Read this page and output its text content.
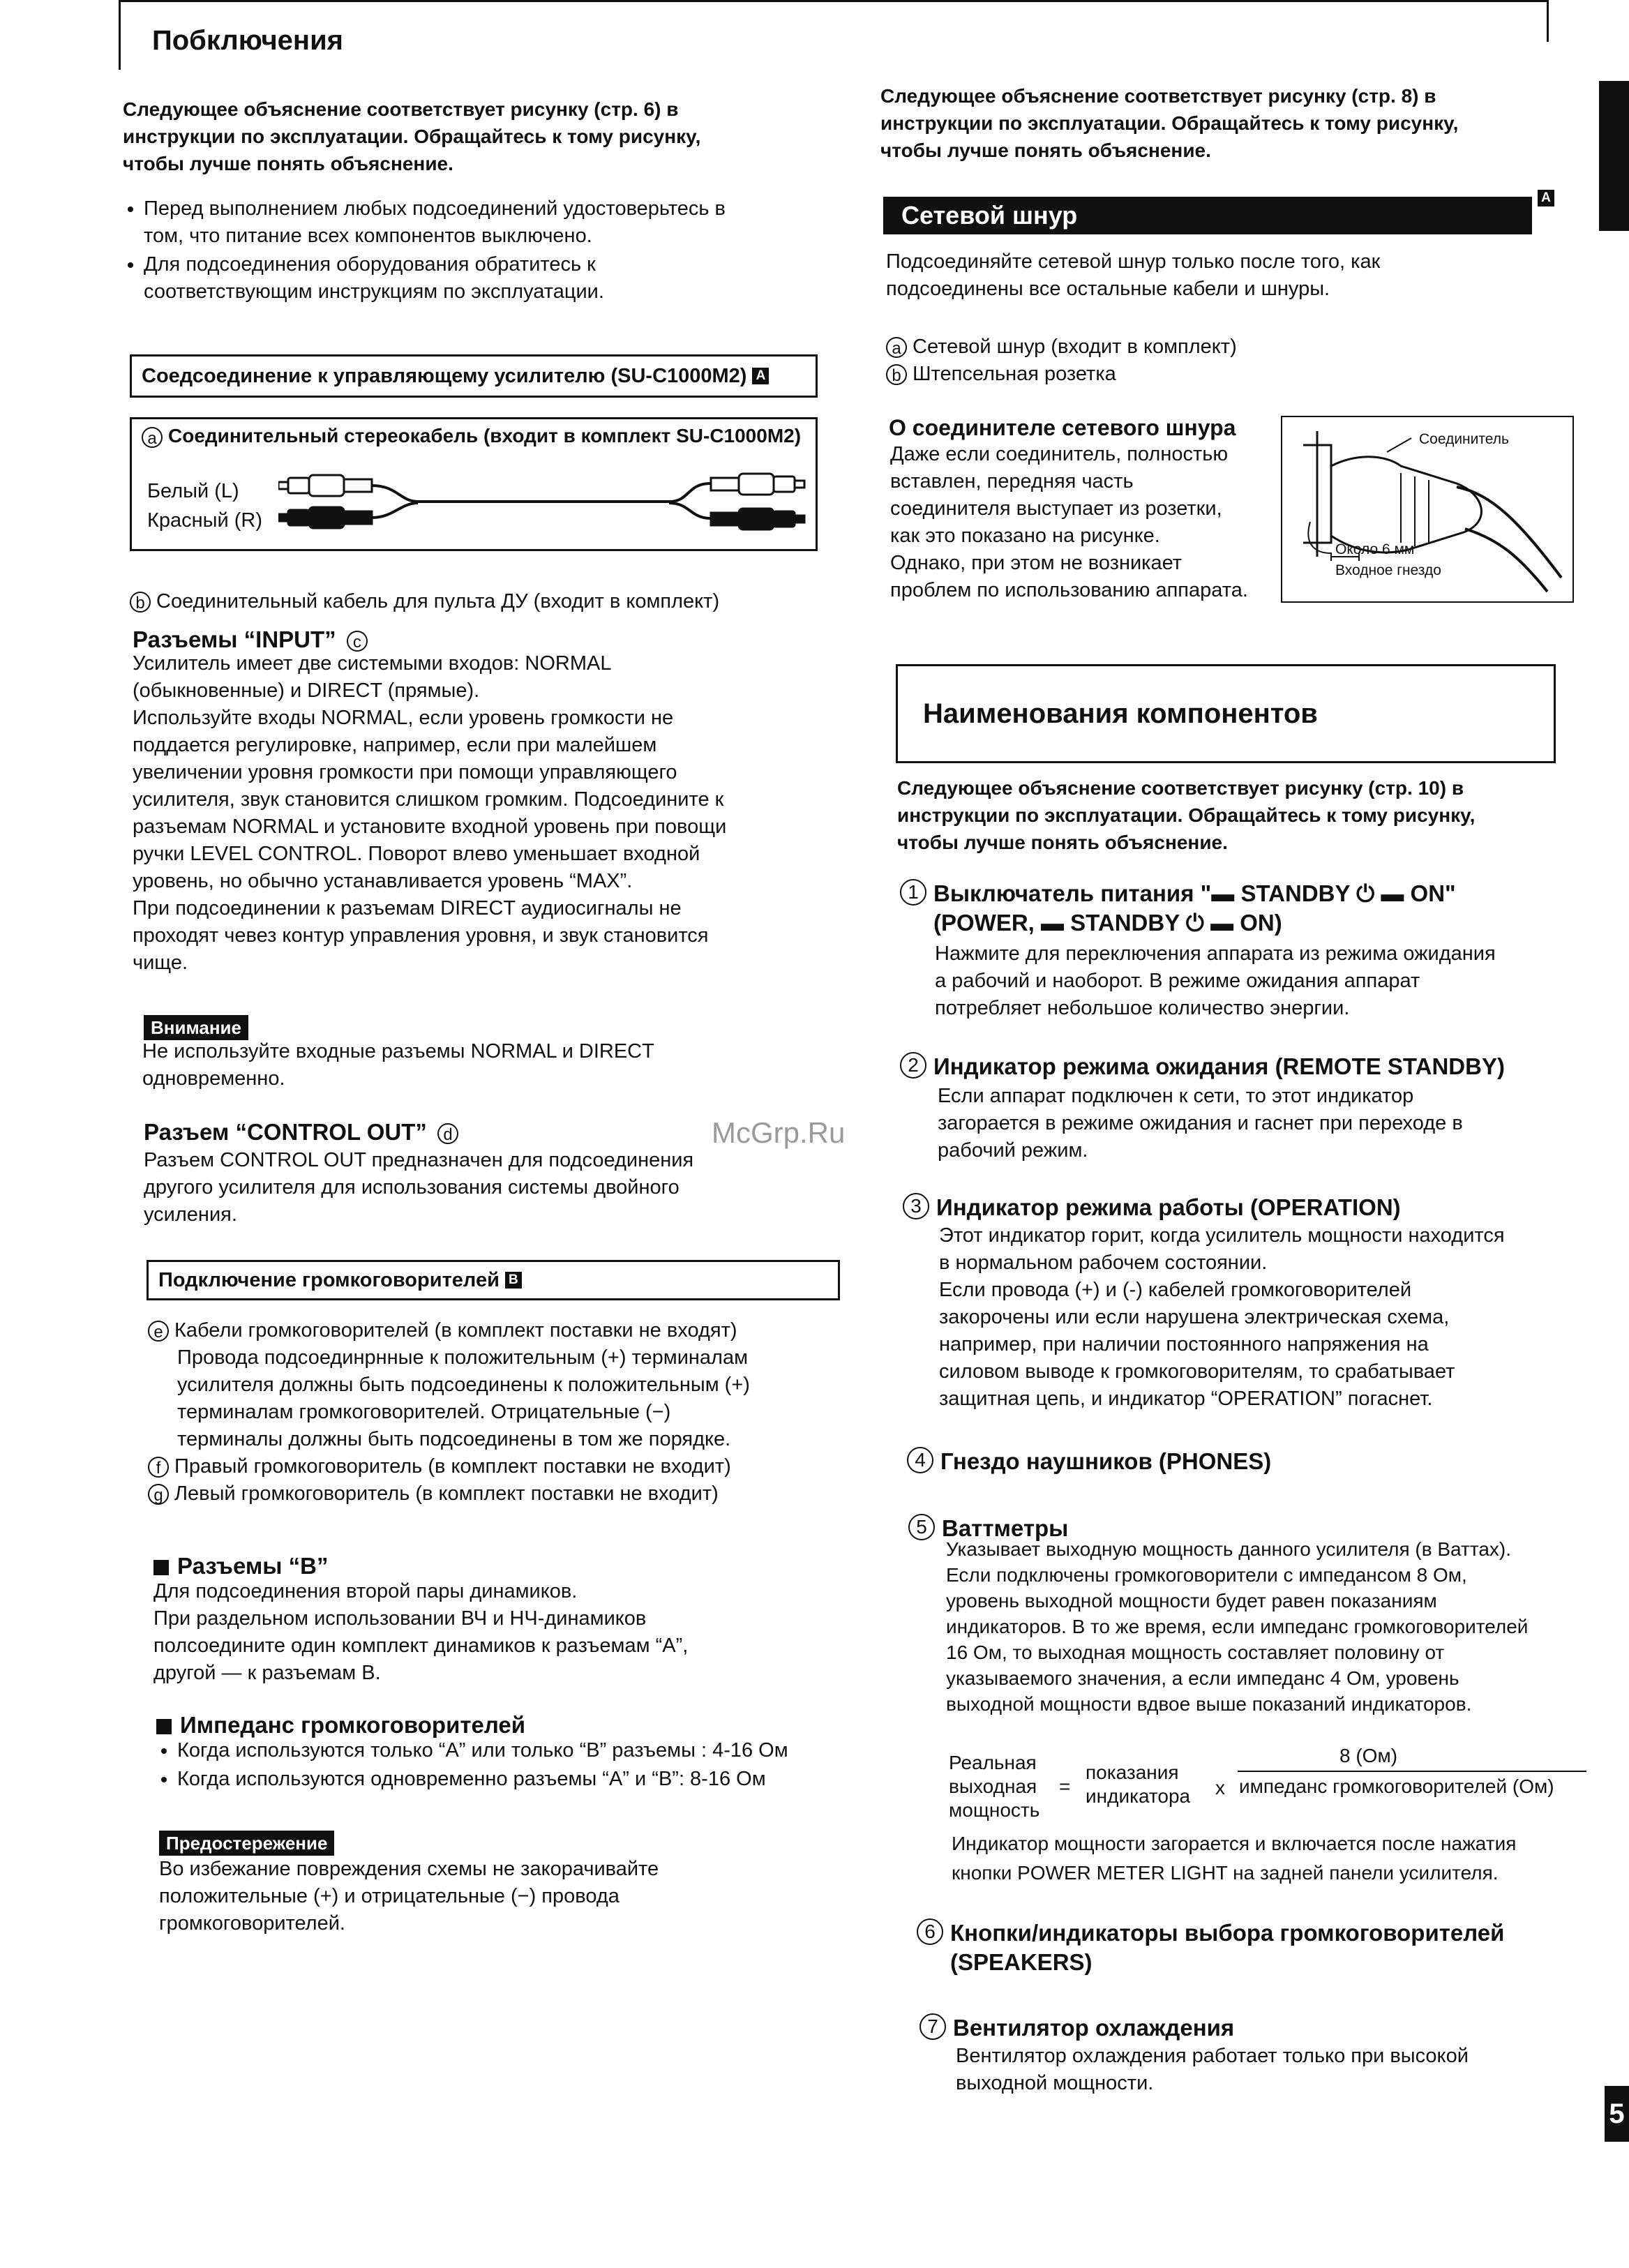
Побключения
5

Следующее объяснение соответствует рисунку (стр. 6) в
инструкции по эксплуатации. Обращайтесь к тому рисунку,
чтобы лучше понять объяснение.

• Перед выполнением любых подсоединений удостоверьтесь в
том, что питание всех компонентов выключено.
• Для подсоединения оборудования обратитесь к
соответствующим инструкциям по эксплуатации.
Соедсоединение к управляющему усилителю (SU-C1000M2) A
a Соединительный стереокабель (входит в комплект SU-C1000M2)
Белый (L)
Красный (R)

b Соединительный кабель для пульта ДУ (входит в комплект)

Разъемы “INPUT” c

Усилитель имеет две системыми входов: NORMAL
(обыкновенные) и DIRECT (прямые).
Используйте входы NORMAL, если уровень громкости не
поддается регулировке, например, если при малейшем
увеличении уровня громкости при помощи управляющего
усилителя, звук становится слишком громким. Подсоедините к
разъемам NORMAL и установите входной уровень при повощи
ручки LEVEL CONTROL. Поворот влево уменьшает входной
уровень, но обычно устанавливается уровень “MAX”.
При подсоединении к разъемам DIRECT аудиосигналы не
проходят чевез контур управления уровня, и звук становится
чище.

Внимание

Не используйте входные разъемы NORMAL и DIRECT
одновременно.

Разъем “CONTROL OUT” d

Разъем CONTROL OUT предназначен для подсоединения
другого усилителя для использования системы двойного
усиления.

Подключение громкоговорителей B
e Кабели громкоговорителей (в комплект поставки не входят)
Провода подсоединрнные к положительным (+) терминалам
усилителя должны быть подсоединены к положительным (+)
терминалам громкоговорителей. Отрицательные (−)
терминалы должны быть подсоединены в том же порядке.
f Правый громкоговоритель (в комплект поставки не входит)
g Левый громкоговоритель (в комплект поставки не входит)
Разъемы “B”

Для подсоединения второй пары динамиков.
При раздельном использовании ВЧ и НЧ-динамиков
полсоедините один комплект динамиков к разъемам “A”,
другой — к разъемам B.

Импеданс громкоговорителей
• Когда используются только “A” или только “B” разъемы : 4-16 Ом
• Когда используются одновременно разъемы “A” и “B”: 8-16 Ом
Предостережение

Во избежание повреждения схемы не закорачивайте
положительные (+) и отрицательные (−) провода
громкоговорителей.

Следующее объяснение соответствует рисунку (стр. 8) в
инструкции по эксплуатации. Обращайтесь к тому рисунку,
чтобы лучше понять объяснение.

Сетевой шнур
A

Подсоединяйте сетевой шнур только после того, как
подсоединены все остальные кабели и шнуры.

a Сетевой шнур (входит в комплект)
b Штепсельная розетка
О соединителе сетевого шнура

Даже если соединитель, полностью
вставлен, передняя часть
соединителя выступает из розетки,
как это показано на рисунке.
Однако, при этом не возникает
проблем по использованию аппарата.

Соединитель
Около 6 мм
Входное гнездо
Наименования компонентов

Следующее объяснение соответствует рисунку (стр. 10) в
инструкции по эксплуатации. Обращайтесь к тому рисунку,
чтобы лучше понять объяснение.

1 Выключатель питания "▬ STANDBY ⏻ ▬ ON"
(POWER, ▬ STANDBY ⏻ ▬ ON)

Нажмите для переключения аппарата из режима ожидания
а рабочий и наоборот. В режиме ожидания аппарат
потребляет небольшое количество энергии.

2 Индикатор режима ожидания (REMOTE STANDBY)

Если аппарат подключен к сети, то этот индикатор
загорается в режиме ожидания и гаснет при переходе в
рабочий режим.

3 Индикатор режима работы (OPERATION)

Этот индикатор горит, когда усилитель мощности находится
в нормальном рабочем состоянии.
Если провода (+) и (-) кабелей громкоговорителей
закорочены или если нарушена электрическая схема,
например, при наличии постоянного напряжения на
силовом выводе к громкоговорителям, то срабатывает
защитная цепь, и индикатор “OPERATION” погаснет.

4 Гнездо наушников (PHONES)
5 Ваттметры

Указывает выходную мощность данного усилителя (в Ваттах).
Если подключены громкоговорители с импедансом 8 Ом,
уровень выходной мощности будет равен показаниям
индикаторов. В то же время, если импеданс громкоговорителей
16 Ом, то выходная мощность составляет половину от
указываемого значения, а если импеданс 4 Ом, уровень
выходной мощности вдвое выше показаний индикаторов.

Реальная
выходная
мощность
=
показания
индикатора x
8 (Ом)
импеданс громкоговорителей (Ом)

Индикатор мощности загорается и включается после нажатия
кнопки POWER METER LIGHT на задней панели усилителя.

6 Кнопки/индикаторы выбора громкоговорителей
(SPEAKERS)
7 Вентилятор охлаждения

Вентилятор охлаждения работает только при высокой
выходной мощности.

McGrp.Ru
